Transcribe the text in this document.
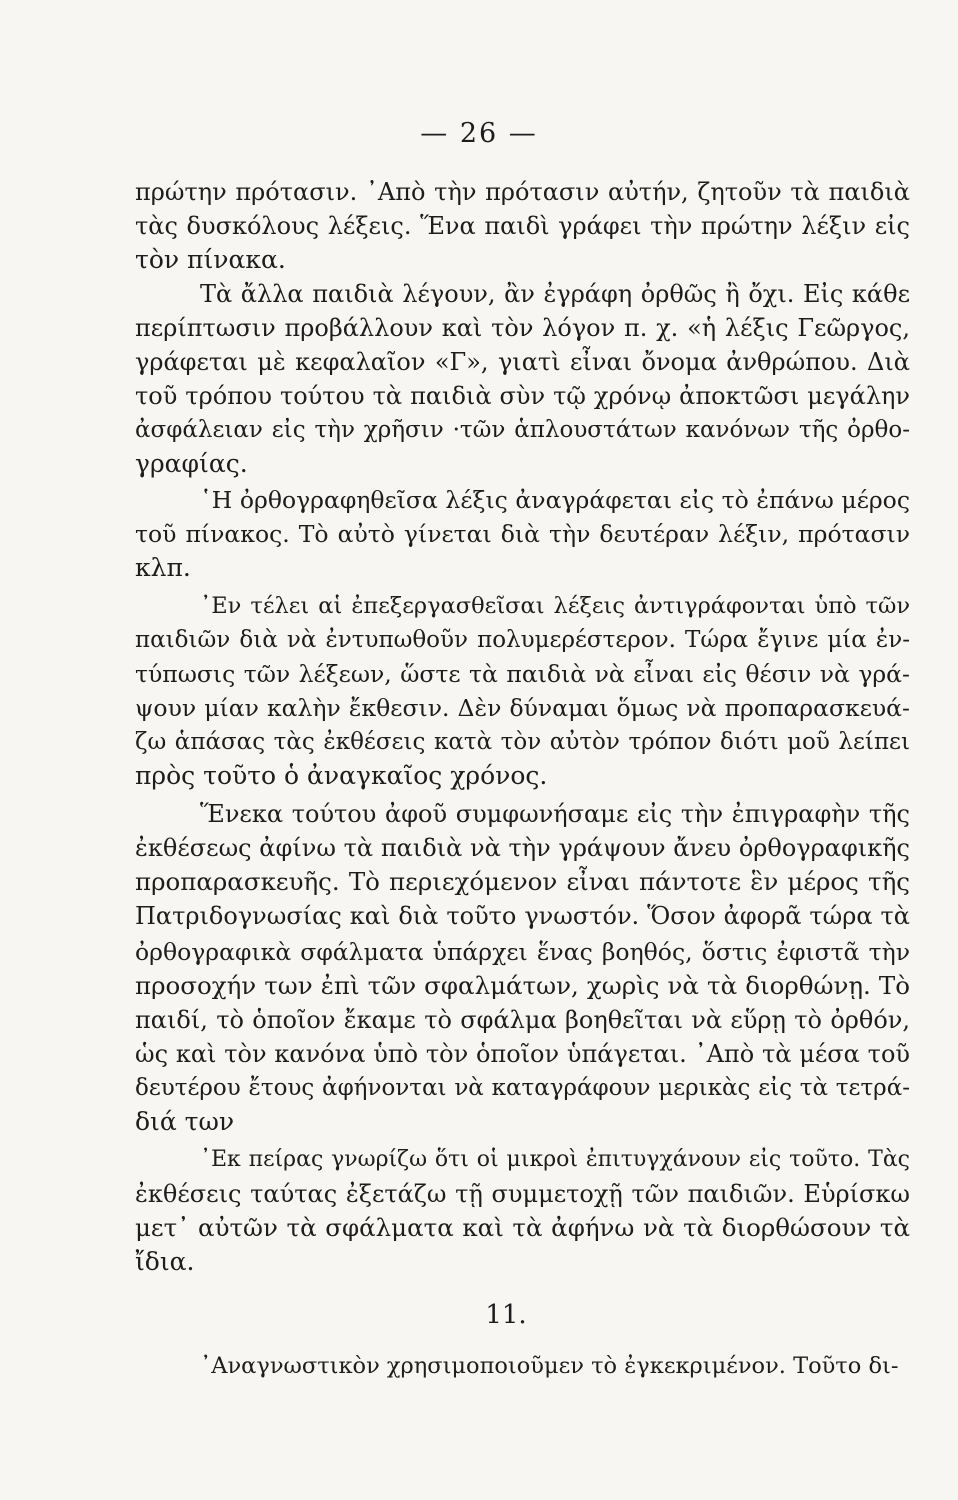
— 26 —
πρώτην πρότασιν. ᾿Απὸ τὴν πρότασιν αὐτήν, ζητοῦν τὰ παιδιὰ
τὰς δυσκόλους λέξεις. Ἕνα παιδὶ γράφει τὴν πρώτην λέξιν εἰς
τὸν πίνακα.
Τὰ ἄλλα παιδιὰ λέγουν, ἂν ἐγράφη ὀρθῶς ἢ ὄχι. Εἰς κάθε
περίπτωσιν προβάλλουν καὶ τὸν λόγον π. χ. «ἡ λέξις Γεῶργος,
γράφεται μὲ κεφαλαῖον «Γ», γιατὶ εἶναι ὄνομα ἀνθρώπου. Διὰ
τοῦ τρόπου τούτου τὰ παιδιὰ σὺν τῷ χρόνῳ ἀποκτῶσι μεγάλην
ἀσφάλειαν εἰς τὴν χρῆσιν ·τῶν ἁπλουστάτων κανόνων τῆς ὀρθο-
γραφίας.
῾Η ὀρθογραφηθεῖσα λέξις ἀναγράφεται εἰς τὸ ἐπάνω μέρος
τοῦ πίνακος. Τὸ αὐτὸ γίνεται διὰ τὴν δευτέραν λέξιν, πρότασιν
κλπ.
᾿Εν τέλει αἱ ἐπεξεργασθεῖσαι λέξεις ἀντιγράφονται ὑπὸ τῶν
παιδιῶν διὰ νὰ ἐντυπωθοῦν πολυμερέστερον. Τώρα ἔγινε μία ἐν-
τύπωσις τῶν λέξεων, ὥστε τὰ παιδιὰ νὰ εἶναι εἰς θέσιν νὰ γρά-
ψουν μίαν καλὴν ἔκθεσιν. Δὲν δύναμαι ὅμως νὰ προπαρασκευά-
ζω ἁπάσας τὰς ἐκθέσεις κατὰ τὸν αὐτὸν τρόπον διότι μοῦ λείπει
πρὸς τοῦτο ὁ ἀναγκαῖος χρόνος.
Ἕνεκα τούτου ἀφοῦ συμφωνήσαμε εἰς τὴν ἐπιγραφὴν τῆς
ἐκθέσεως ἀφίνω τὰ παιδιὰ νὰ τὴν γράψουν ἄνευ ὀρθογραφικῆς
προπαρασκευῆς. Τὸ περιεχόμενον εἶναι πάντοτε ἓν μέρος τῆς
Πατριδογνωσίας καὶ διὰ τοῦτο γνωστόν. Ὅσον ἀφορᾶ τώρα τὰ
ὀρθογραφικὰ σφάλματα ὑπάρχει ἕνας βοηθός, ὅστις ἐφιστᾶ τὴν
προσοχήν των ἐπὶ τῶν σφαλμάτων, χωρὶς νὰ τὰ διορθώνῃ. Τὸ
παιδί, τὸ ὁποῖον ἔκαμε τὸ σφάλμα βοηθεῖται νὰ εὕρῃ τὸ ὀρθόν,
ὡς καὶ τὸν κανόνα ὑπὸ τὸν ὁποῖον ὑπάγεται. ᾿Απὸ τὰ μέσα τοῦ
δευτέρου ἔτους ἀφήνονται νὰ καταγράφουν μερικὰς εἰς τὰ τετρά-
διά των
᾿Εκ πείρας γνωρίζω ὅτι οἱ μικροὶ ἐπιτυγχάνουν εἰς τοῦτο. Τὰς
ἐκθέσεις ταύτας ἐξετάζω τῇ συμμετοχῇ τῶν παιδιῶν. Εὑρίσκω
μετ᾿ αὐτῶν τὰ σφάλματα καὶ τὰ ἀφήνω νὰ τὰ διορθώσουν τὰ
ἴδια.
11.
᾿Αναγνωστικὸν χρησιμοποιοῦμεν τὸ ἐγκεκριμένον. Τοῦτο δι-
